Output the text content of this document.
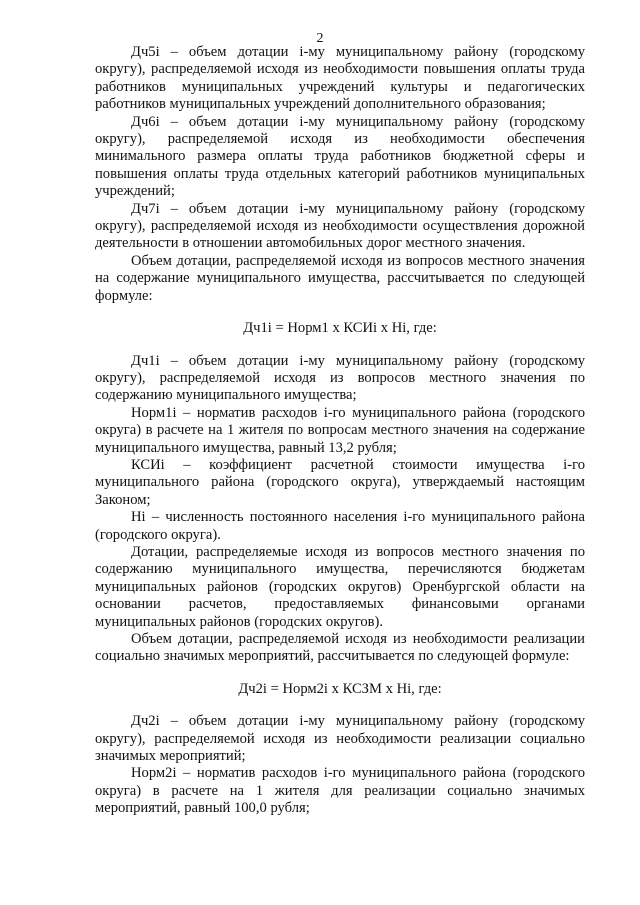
2

Дч5i – объем дотации i-му муниципальному району (городскому округу), распределяемой исходя из необходимости повышения оплаты труда работников муниципальных учреждений культуры и педагогических работников муниципальных учреждений дополнительного образования;

Дч6i – объем дотации i-му муниципальному району (городскому округу), распределяемой исходя из необходимости обеспечения минимального размера оплаты труда работников бюджетной сферы и повышения оплаты труда отдельных категорий работников муниципальных учреждений;

Дч7i – объем дотации i-му муниципальному району (городскому округу), распределяемой исходя из необходимости осуществления дорожной деятельности в отношении автомобильных дорог местного значения.

Объем дотации, распределяемой исходя из вопросов местного значения на содержание муниципального имущества, рассчитывается по следующей формуле:

Дч1i = Норм1 х КСИi х Нi, где:

Дч1i – объем дотации i-му муниципальному району (городскому округу), распределяемой исходя из вопросов местного значения по содержанию муниципального имущества;

Норм1i – норматив расходов i-го муниципального района (городского округа) в расчете на 1 жителя по вопросам местного значения на содержание муниципального имущества, равный 13,2 рубля;

КСИi – коэффициент расчетной стоимости имущества i-го муниципального района (городского округа), утверждаемый настоящим Законом;

Нi – численность постоянного населения i-го муниципального района (городского округа).

Дотации, распределяемые исходя из вопросов местного значения по содержанию муниципального имущества, перечисляются бюджетам муниципальных районов (городских округов) Оренбургской области на основании расчетов, предоставляемых финансовыми органами муниципальных районов (городских округов).

Объем дотации, распределяемой исходя из необходимости реализации социально значимых мероприятий, рассчитывается по следующей формуле:

Дч2i = Норм2i х КСЗМ х Нi, где:

Дч2i – объем дотации i-му муниципальному району (городскому округу), распределяемой исходя из необходимости реализации социально значимых мероприятий;

Норм2i – норматив расходов i-го муниципального района (городского округа) в расчете на 1 жителя для реализации социально значимых мероприятий, равный 100,0 рубля;
